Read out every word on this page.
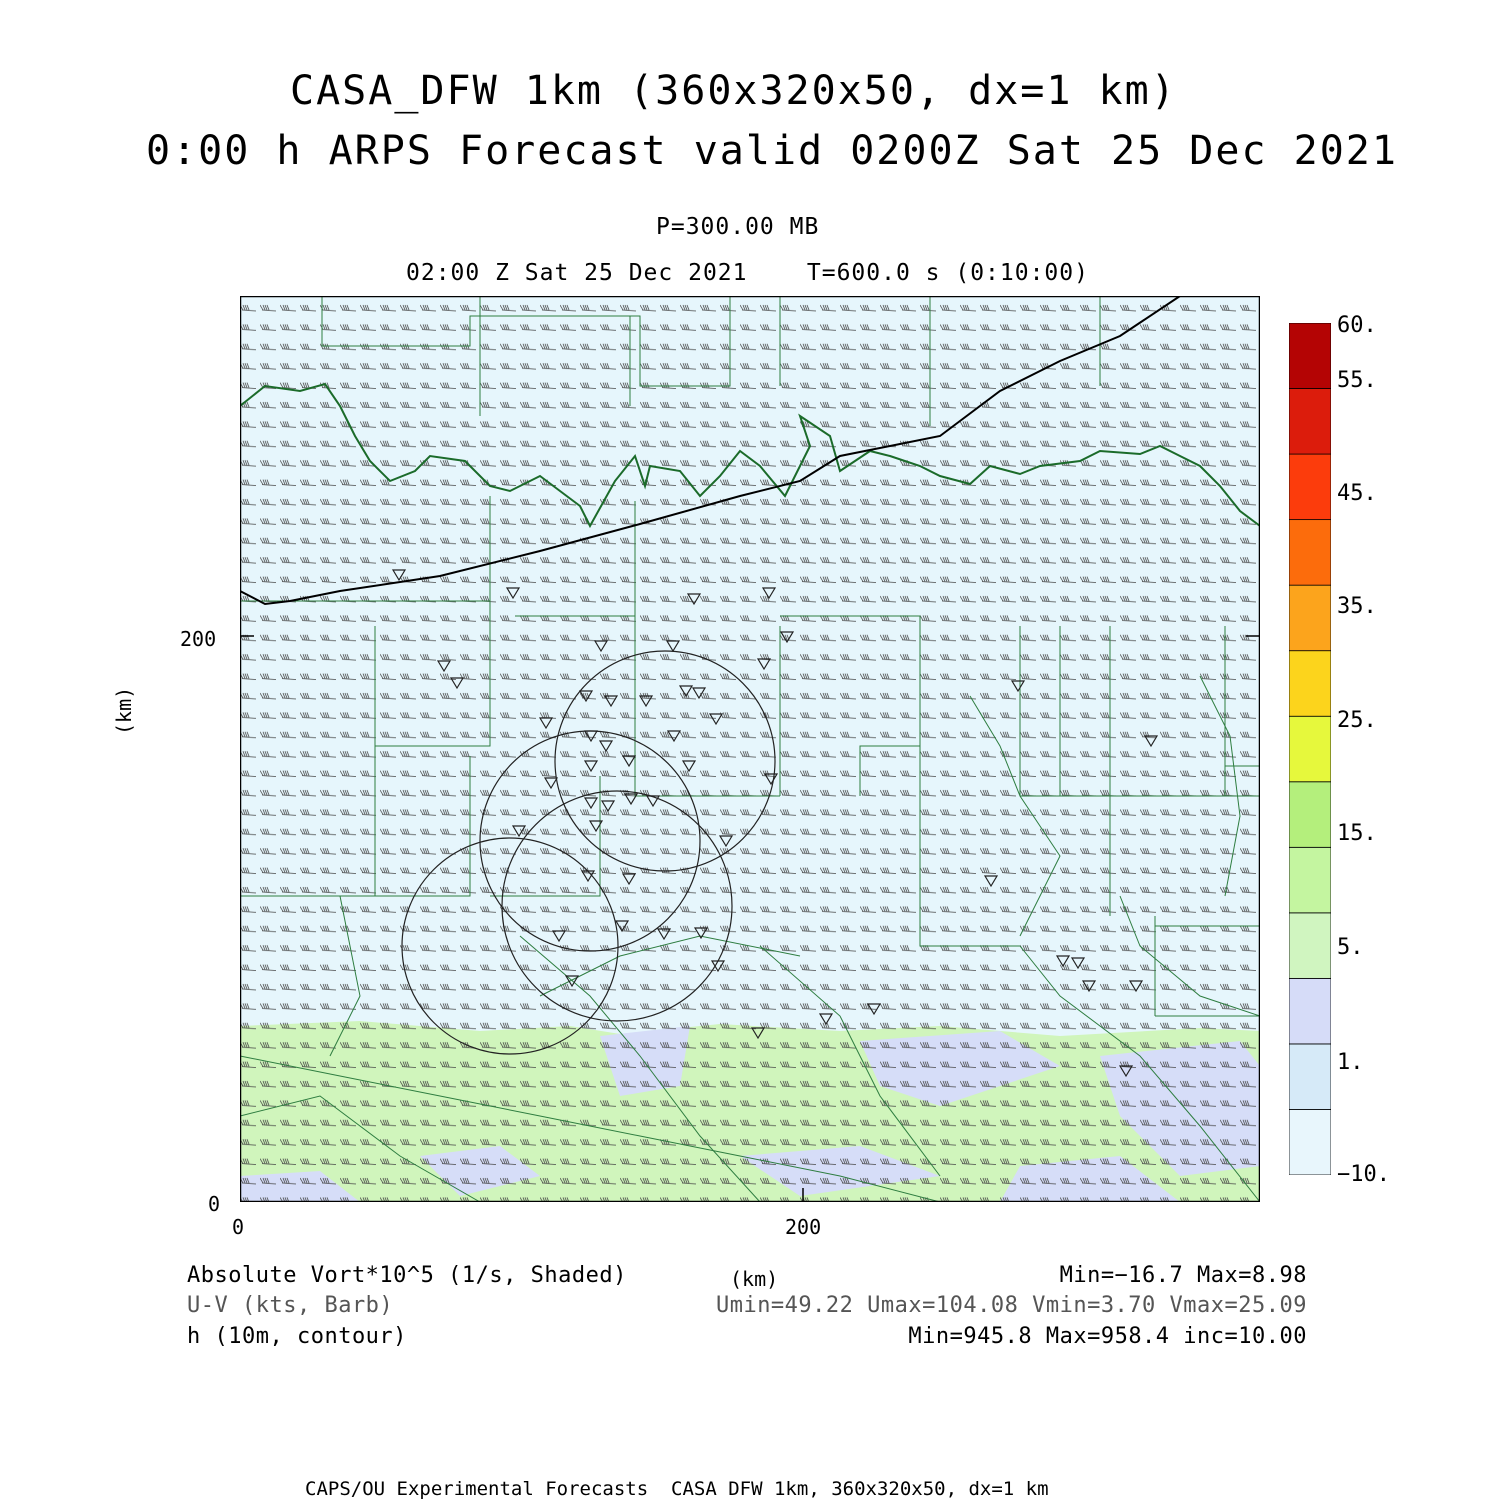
CASA_DFW 1km (360x320x50, dx=1 km)
0:00 h ARPS Forecast valid 0200Z Sat 25 Dec 2021
P=300.00 MB
02:00 Z Sat 25 Dec 2021    T=600.0 s (0:10:00)
200
0
0	200
(km)
60.
55.
45.
35.
25.
15.
5.
1.
−10.
Absolute Vort*10^5 (1/s, Shaded)
U-V (kts, Barb)
h (10m, contour)
(km)	Min=−16.7 Max=8.98
Umin=49.22 Umax=104.08 Vmin=3.70 Vmax=25.09
Min=945.8 Max=958.4 inc=10.00
CAPS/OU Experimental Forecasts  CASA DFW 1km, 360x320x50, dx=1 km
